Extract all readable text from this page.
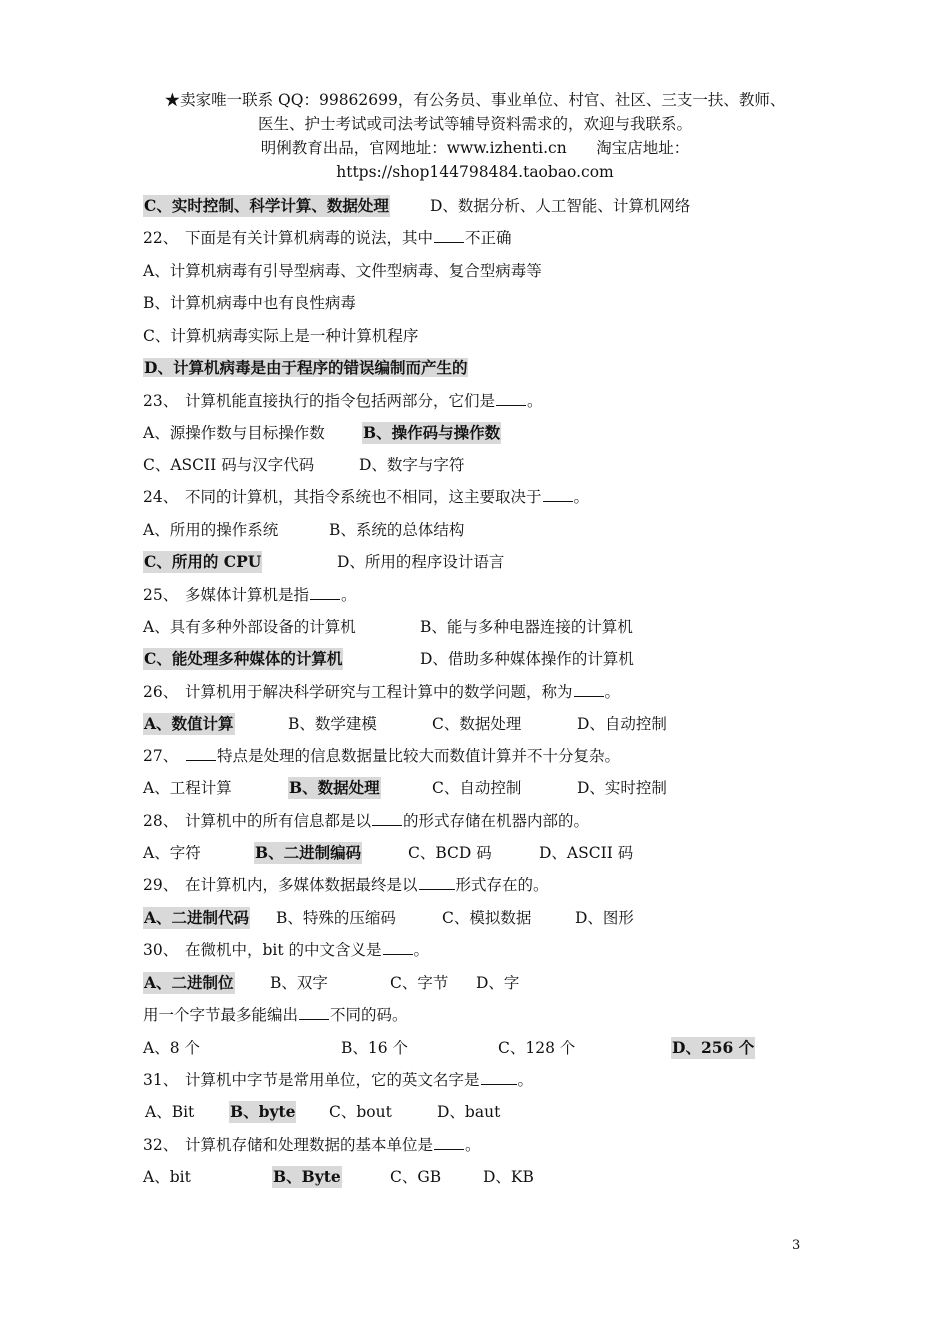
★卖家唯一联系 QQ：99862699，有公务员、事业单位、村官、社区、三支一扶、教师、
医生、护士考试或司法考试等辅导资料需求的，欢迎与我联系。
明俐教育出品，官网地址：www.izhenti.cn      淘宝店地址：
https://shop144798484.taobao.com
C、实时控制、科学计算、数据处理	D、数据分析、人工智能、计算机网络
22、 下面是有关计算机病毒的说法，其中 不正确
A、计算机病毒有引导型病毒、文件型病毒、复合型病毒等
B、计算机病毒中也有良性病毒
C、计算机病毒实际上是一种计算机程序
D、计算机病毒是由于程序的错误编制而产生的
23、 计算机能直接执行的指令包括两部分，它们是 。
A、源操作数与目标操作数 B、操作码与操作数
C、ASCII 码与汉字代码	D、数字与字符
24、 不同的计算机，其指令系统也不相同，这主要取决于 。
A、所用的操作系统	B、系统的总体结构
C、所用的 CPU	D、所用的程序设计语言
25、 多媒体计算机是指 。
A、具有多种外部设备的计算机	B、能与多种电器连接的计算机
C、能处理多种媒体的计算机	D、借助多种媒体操作的计算机
26、 计算机用于解决科学研究与工程计算中的数学问题，称为 。
A、数值计算	B、数学建模	C、数据处理	D、自动控制
27、	特点是处理的信息数据量比较大而数值计算并不十分复杂。
A、工程计算	B、数据处理	C、自动控制	D、实时控制
28、 计算机中的所有信息都是以 的形式存储在机器内部的。
A、字符	B、二进制编码	C、BCD 码	D、ASCII 码
29、 在计算机内，多媒体数据最终是以 形式存在的。
A、二进制代码 B、特殊的压缩码	C、模拟数据	D、图形
30、 在微机中，bit 的中文含义是 。
A、二进制位 B、双字	C、字节 D、字
用一个字节最多能编出 不同的码。
A、8 个	B、16 个	C、128 个	D、256 个
31、 计算机中字节是常用单位，它的英文名字是 。
A、Bit B、byte C、bout	D、baut
32、 计算机存储和处理数据的基本单位是 。
A、bit	B、Byte	C、GB	D、KB
3
